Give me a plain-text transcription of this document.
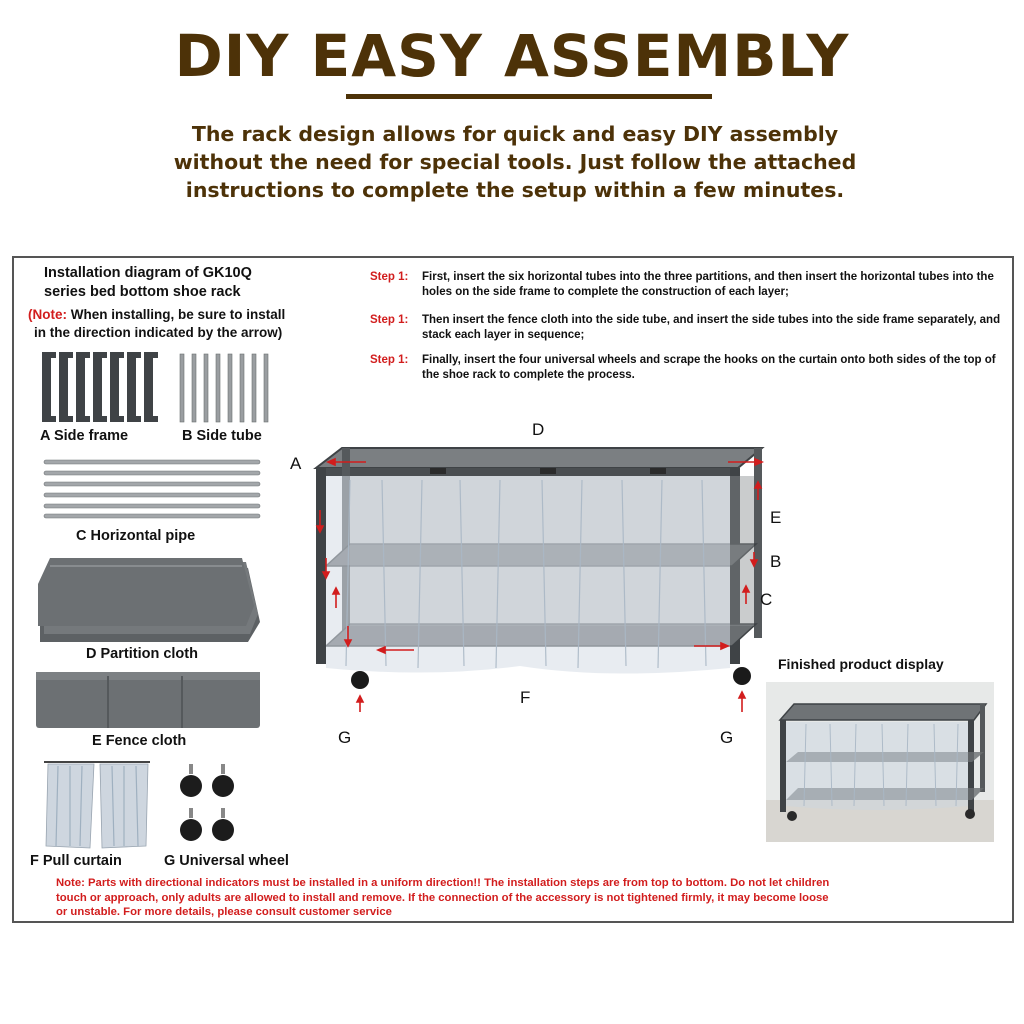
DIY EASY ASSEMBLY
The rack design allows for quick and easy DIY assembly
without the need for special tools. Just follow the attached
instructions to complete the setup within a few minutes.
Installation diagram of GK10Q
series bed bottom shoe rack
(Note: When installing, be sure to install
in the direction indicated by the arrow)
Step 1: First, insert the six horizontal tubes into the three partitions, and then insert the horizontal tubes into the holes on the side frame to complete the construction of each layer;
Step 1: Then insert the fence cloth into the side tube, and insert the side tubes into the side frame separately, and stack each layer in sequence;
Step 1: Finally, insert the four universal wheels and scrape the hooks on the curtain onto both sides of the top of the shoe rack to complete the process.
A Side frame	B Side tube
C Horizontal pipe
D Partition cloth
E Fence cloth
F Pull curtain	G Universal wheel
D
A
E
B
C
F
G	G
Finished product display
Note: Parts with directional indicators must be installed in a uniform direction!! The installation steps are from top to bottom. Do not let children
touch or approach, only adults are allowed to install and remove. If the connection of the accessory is not tightened firmly, it may become loose
or unstable. For more details, please consult customer service
